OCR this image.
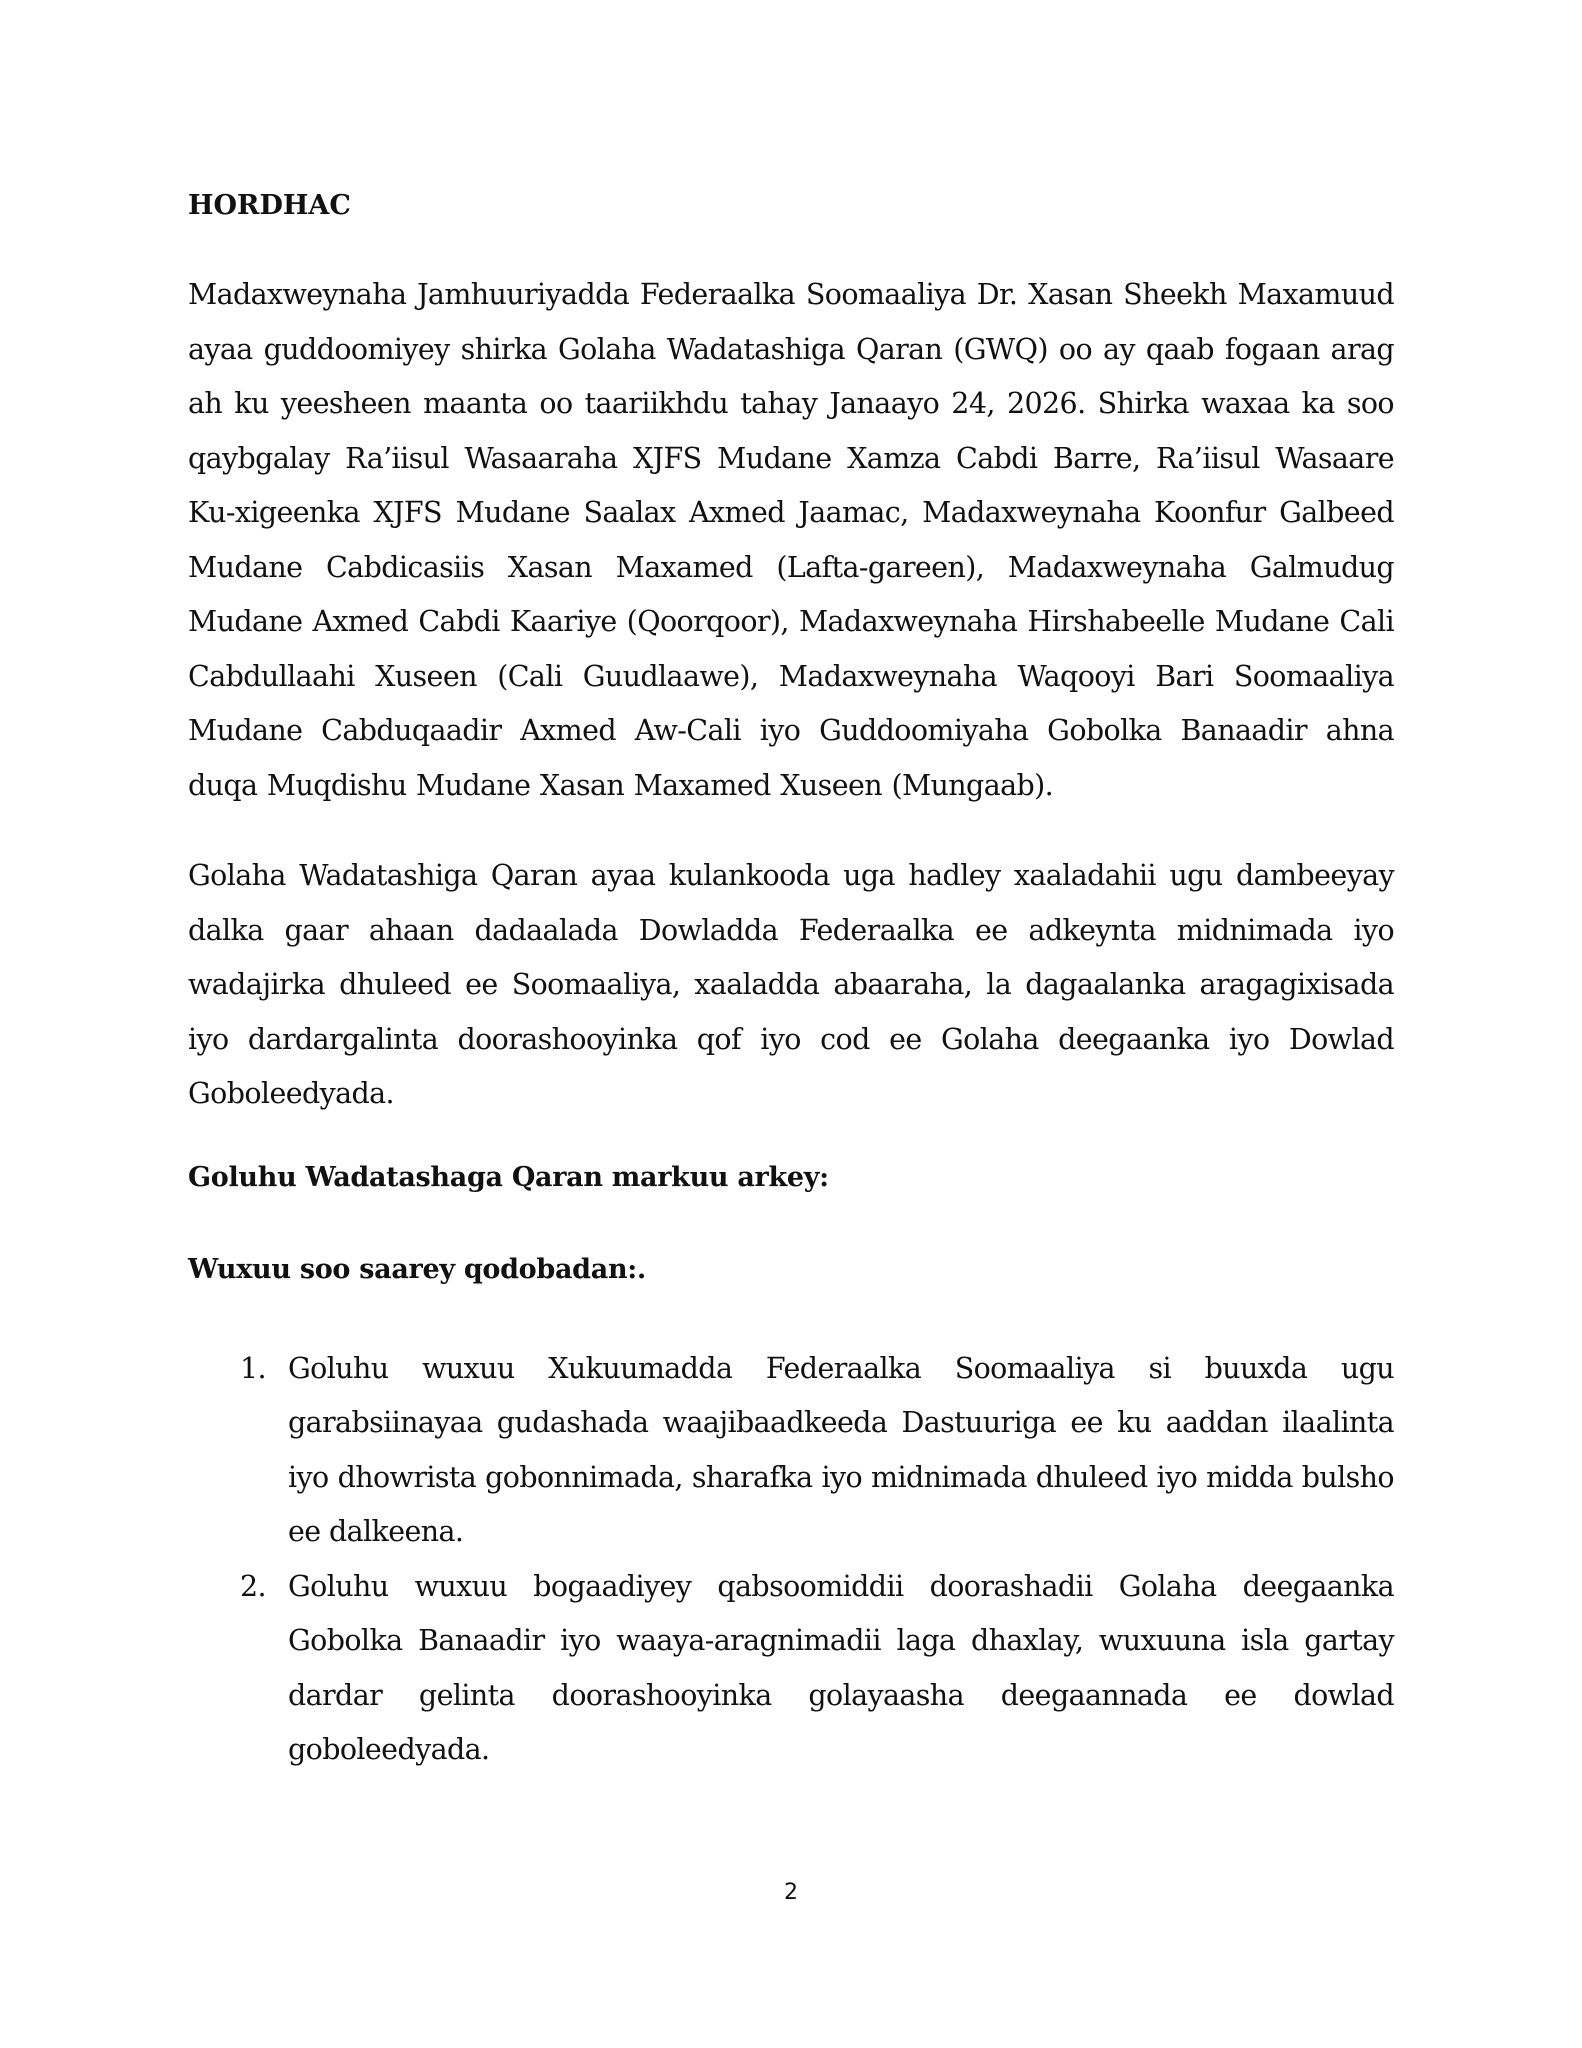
HORDHAC

Madaxweynaha Jamhuuriyadda Federaalka Soomaaliya Dr. Xasan Sheekh Maxamuud ayaa guddoomiyey shirka Golaha Wadatashiga Qaran (GWQ) oo ay qaab fogaan arag ah ku yeesheen maanta oo taariikhdu tahay Janaayo 24, 2026. Shirka waxaa ka soo qaybgalay Ra’iisul Wasaaraha XJFS Mudane Xamza Cabdi Barre, Ra’iisul Wasaare Ku-xigeenka XJFS Mudane Saalax Axmed Jaamac, Madaxweynaha Koonfur Galbeed Mudane Cabdicasiis Xasan Maxamed (Lafta-gareen), Madaxweynaha Galmudug Mudane Axmed Cabdi Kaariye (Qoorqoor), Madaxweynaha Hirshabeelle Mudane Cali Cabdullaahi Xuseen (Cali Guudlaawe), Madaxweynaha Waqooyi Bari Soomaaliya Mudane Cabduqaadir Axmed Aw-Cali iyo Guddoomiyaha Gobolka Banaadir ahna duqa Muqdishu Mudane Xasan Maxamed Xuseen (Mungaab).

Golaha Wadatashiga Qaran ayaa kulankooda uga hadley xaaladahii ugu dambeeyay dalka gaar ahaan dadaalada Dowladda Federaalka ee adkeynta midnimada iyo wadajirka dhuleed ee Soomaaliya, xaaladda abaaraha, la dagaalanka aragagixisada iyo dardargalinta doorashooyinka qof iyo cod ee Golaha deegaanka iyo Dowlad Goboleedyada.

Goluhu Wadatashaga Qaran markuu arkey:

Wuxuu soo saarey qodobadan:.

1. Goluhu wuxuu Xukuumadda Federaalka Soomaaliya si buuxda ugu garabsiinayaa gudashada waajibaadkeeda Dastuuriga ee ku aaddan ilaalinta iyo dhowrista gobonnimada, sharafka iyo midnimada dhuleed iyo midda bulsho ee dalkeena.
2. Goluhu wuxuu bogaadiyey qabsoomiddii doorashadii Golaha deegaanka Gobolka Banaadir iyo waaya-aragnimadii laga dhaxlay, wuxuuna isla gartay dardar gelinta doorashooyinka golayaasha deegaannada ee dowlad goboleedyada.
2
